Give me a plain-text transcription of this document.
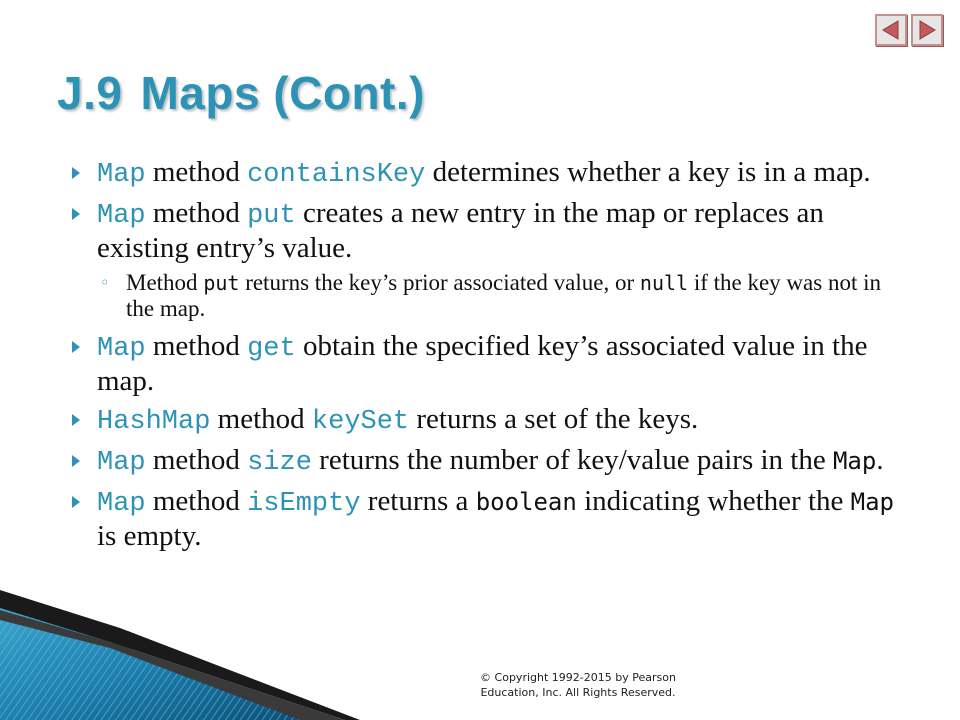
J.9 Maps (Cont.)
Map method containsKey determines whether a key is in a map.
Map method put creates a new entry in the map or replaces an existing entry’s value.
◦ Method put returns the key’s prior associated value, or null if the key was not in the map.
Map method get obtain the specified key’s associated value in the map.
HashMap method keySet returns a set of the keys.
Map method size returns the number of key/value pairs in the Map.
Map method isEmpty returns a boolean indicating whether the Map is empty.
© Copyright 1992-2015 by Pearson
Education, Inc. All Rights Reserved.
